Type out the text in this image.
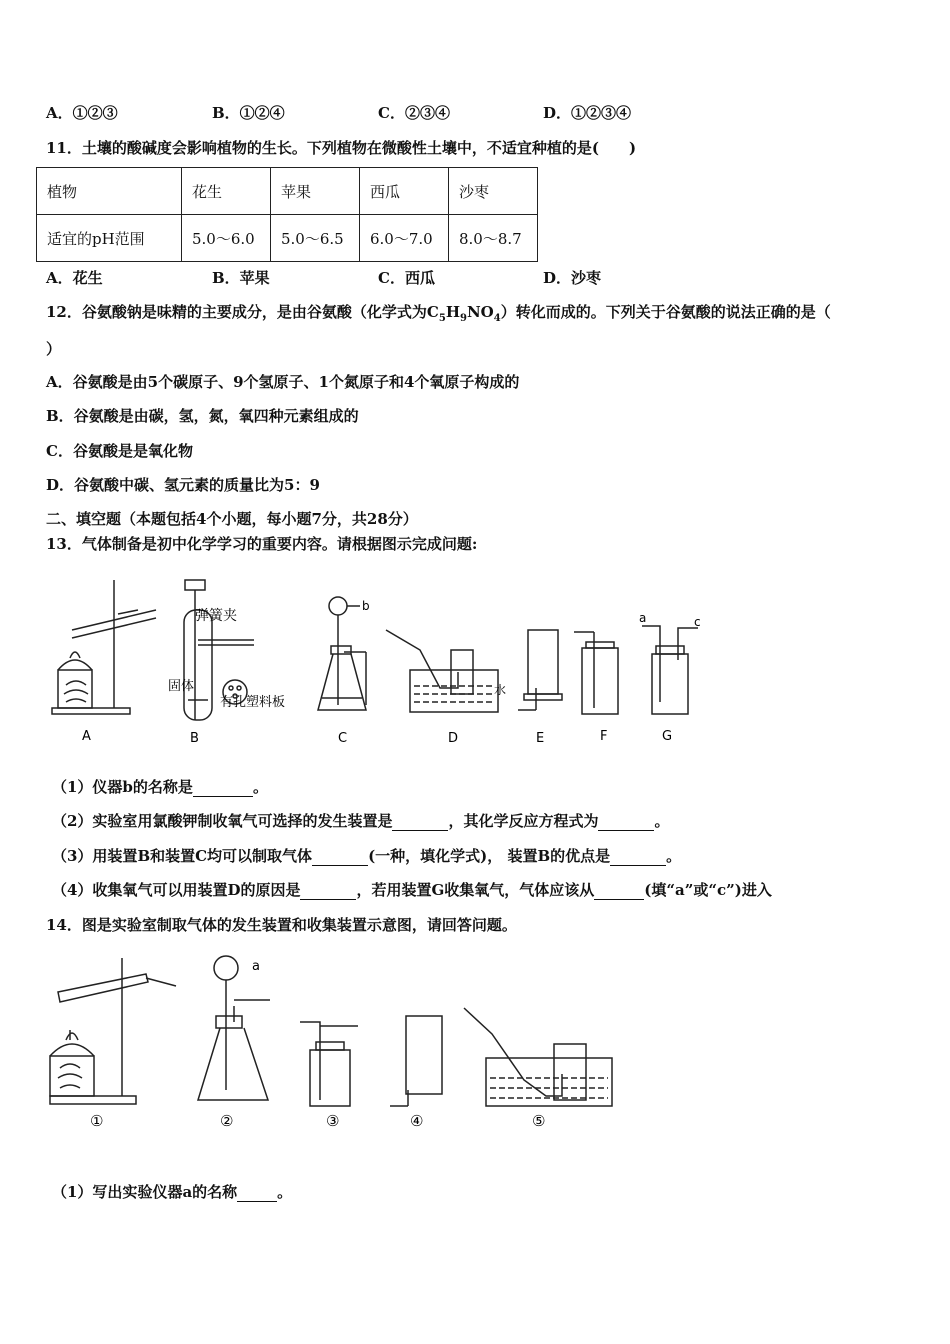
A．①②③	B．①②④	C．②③④	D．①②③④
11．土壤的酸碱度会影响植物的生长。下列植物在微酸性土壤中，不适宜种植的是(　　)
植物	花生	苹果	西瓜	沙枣
适宜的pH范围	5.0～6.0	5.0～6.5	6.0～7.0	8.0～8.7
A．花生	B．苹果	C．西瓜	D．沙枣
12．谷氨酸钠是味精的主要成分，是由谷氨酸（化学式为$C_5H_9NO_4$）转化而成的。下列关于谷氨酸的说法正确的是（
）
A．谷氨酸是由5个碳原子、9个氢原子、1个氮原子和4个氧原子构成的
B．谷氨酸是由碳，氢，氮，氧四种元素组成的
C．谷氨酸是是氧化物
D．谷氨酸中碳、氢元素的质量比为5：9
二、填空题（本题包括4个小题，每小题7分，共28分）
13．气体制备是初中化学学习的重要内容。请根据图示完成问题:
弹簧夹
固体
有孔塑料板
水
b
a	c
A	B	C	D	E	F	G
（1）仪器b的名称是	。
（2）实验室用氯酸钾制收氧气可选择的发生装置是	，其化学反应方程式为	。
（3）用装置B和装置C均可以制取气体	(一种，填化学式)， 装置B的优点是	。
（4）收集氧气可以用装置D的原因是	，若用装置G收集氧气，气体应该从	(填“a”或“c”)进入
14．图是实验室制取气体的发生装置和收集装置示意图，请回答问题。
a
①	②	③	④	⑤
（1）写出实验仪器a的名称	。
